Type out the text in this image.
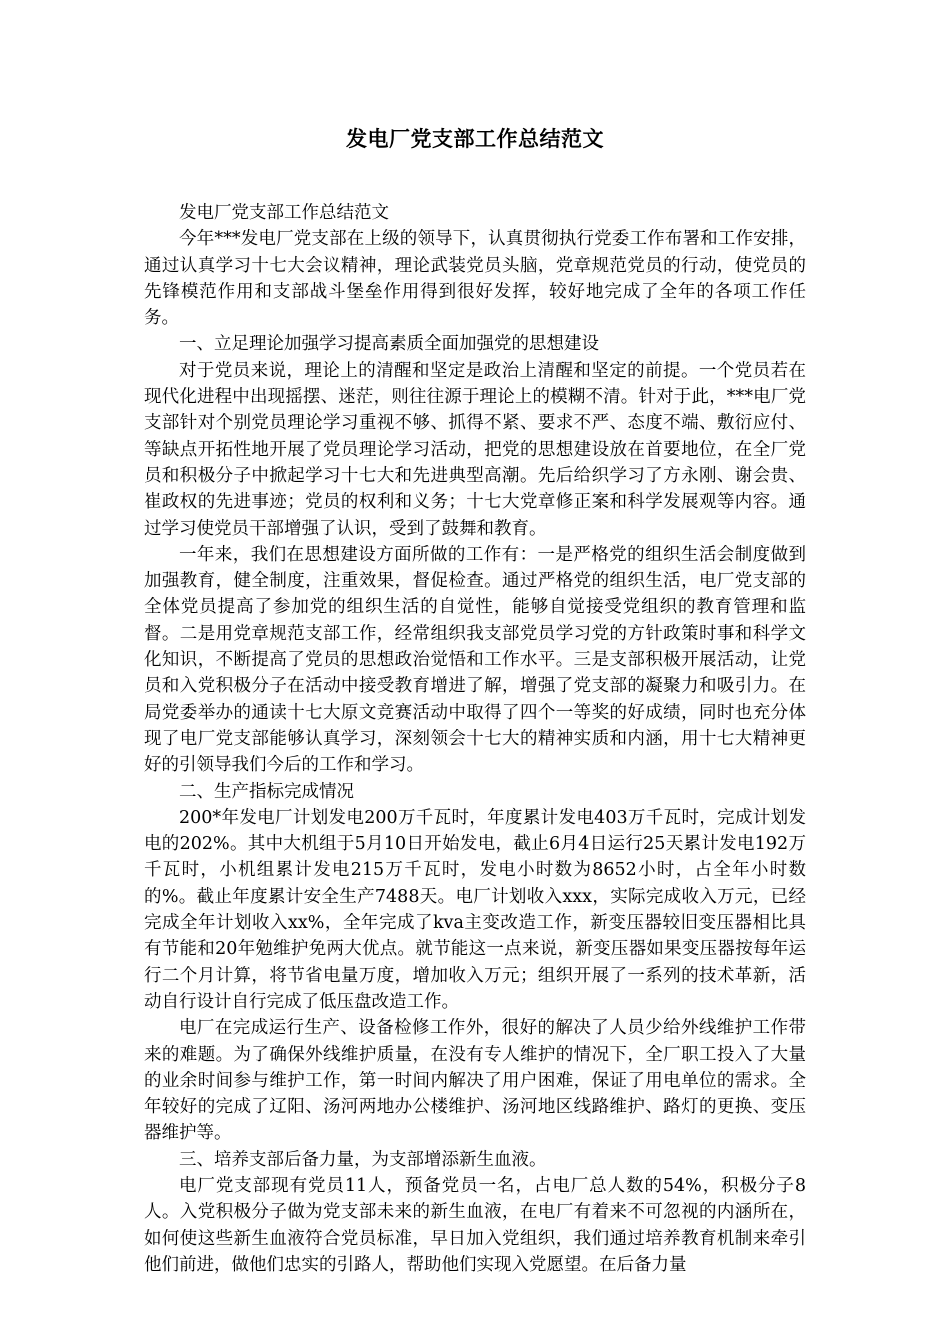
发电厂党支部工作总结范文

发电厂党支部工作总结范文

今年***发电厂党支部在上级的领导下，认真贯彻执行党委工作布署和工作安排，通过认真学习十七大会议精神，理论武装党员头脑，党章规范党员的行动，使党员的先锋模范作用和支部战斗堡垒作用得到很好发挥，较好地完成了全年的各项工作任务。

一、立足理论加强学习提高素质全面加强党的思想建设

对于党员来说，理论上的清醒和坚定是政治上清醒和坚定的前提。一个党员若在现代化进程中出现摇摆、迷茫，则往往源于理论上的模糊不清。针对于此，***电厂党支部针对个别党员理论学习重视不够、抓得不紧、要求不严、态度不端、敷衍应付、等缺点开拓性地开展了党员理论学习活动，把党的思想建设放在首要地位，在全厂党员和积极分子中掀起学习十七大和先进典型高潮。先后给织学习了方永刚、谢会贵、崔政权的先进事迹；党员的权利和义务；十七大党章修正案和科学发展观等内容。通过学习使党员干部增强了认识，受到了鼓舞和教育。

一年来，我们在思想建设方面所做的工作有：一是严格党的组织生活会制度做到加强教育，健全制度，注重效果，督促检查。通过严格党的组织生活，电厂党支部的全体党员提高了参加党的组织生活的自觉性，能够自觉接受党组织的教育管理和监督。二是用党章规范支部工作，经常组织我支部党员学习党的方针政策时事和科学文化知识，不断提高了党员的思想政治觉悟和工作水平。三是支部积极开展活动，让党员和入党积极分子在活动中接受教育增进了解，增强了党支部的凝聚力和吸引力。在局党委举办的通读十七大原文竞赛活动中取得了四个一等奖的好成绩，同时也充分体现了电厂党支部能够认真学习，深刻领会十七大的精神实质和内涵，用十七大精神更好的引领导我们今后的工作和学习。

二、生产指标完成情况

200*年发电厂计划发电200万千瓦时，年度累计发电403万千瓦时，完成计划发电的202%。其中大机组于5月10日开始发电，截止6月4日运行25天累计发电192万千瓦时，小机组累计发电215万千瓦时，发电小时数为8652小时，占全年小时数的%。截止年度累计安全生产7488天。电厂计划收入xxx，实际完成收入万元，已经完成全年计划收入xx%，全年完成了kva主变改造工作，新变压器较旧变压器相比具有节能和20年勉维护免两大优点。就节能这一点来说，新变压器如果变压器按每年运行二个月计算，将节省电量万度，增加收入万元；组织开展了一系列的技术革新，活动自行设计自行完成了低压盘改造工作。

电厂在完成运行生产、设备检修工作外，很好的解决了人员少给外线维护工作带来的难题。为了确保外线维护质量，在没有专人维护的情况下，全厂职工投入了大量的业余时间参与维护工作，第一时间内解决了用户困难，保证了用电单位的需求。全年较好的完成了辽阳、汤河两地办公楼维护、汤河地区线路维护、路灯的更换、变压器维护等。

三、培养支部后备力量，为支部增添新生血液。

电厂党支部现有党员11人，预备党员一名，占电厂总人数的54%，积极分子8人。入党积极分子做为党支部未来的新生血液，在电厂有着来不可忽视的内涵所在，如何使这些新生血液符合党员标准，早日加入党组织，我们通过培养教育机制来牵引他们前进，做他们忠实的引路人，帮助他们实现入党愿望。在后备力量
